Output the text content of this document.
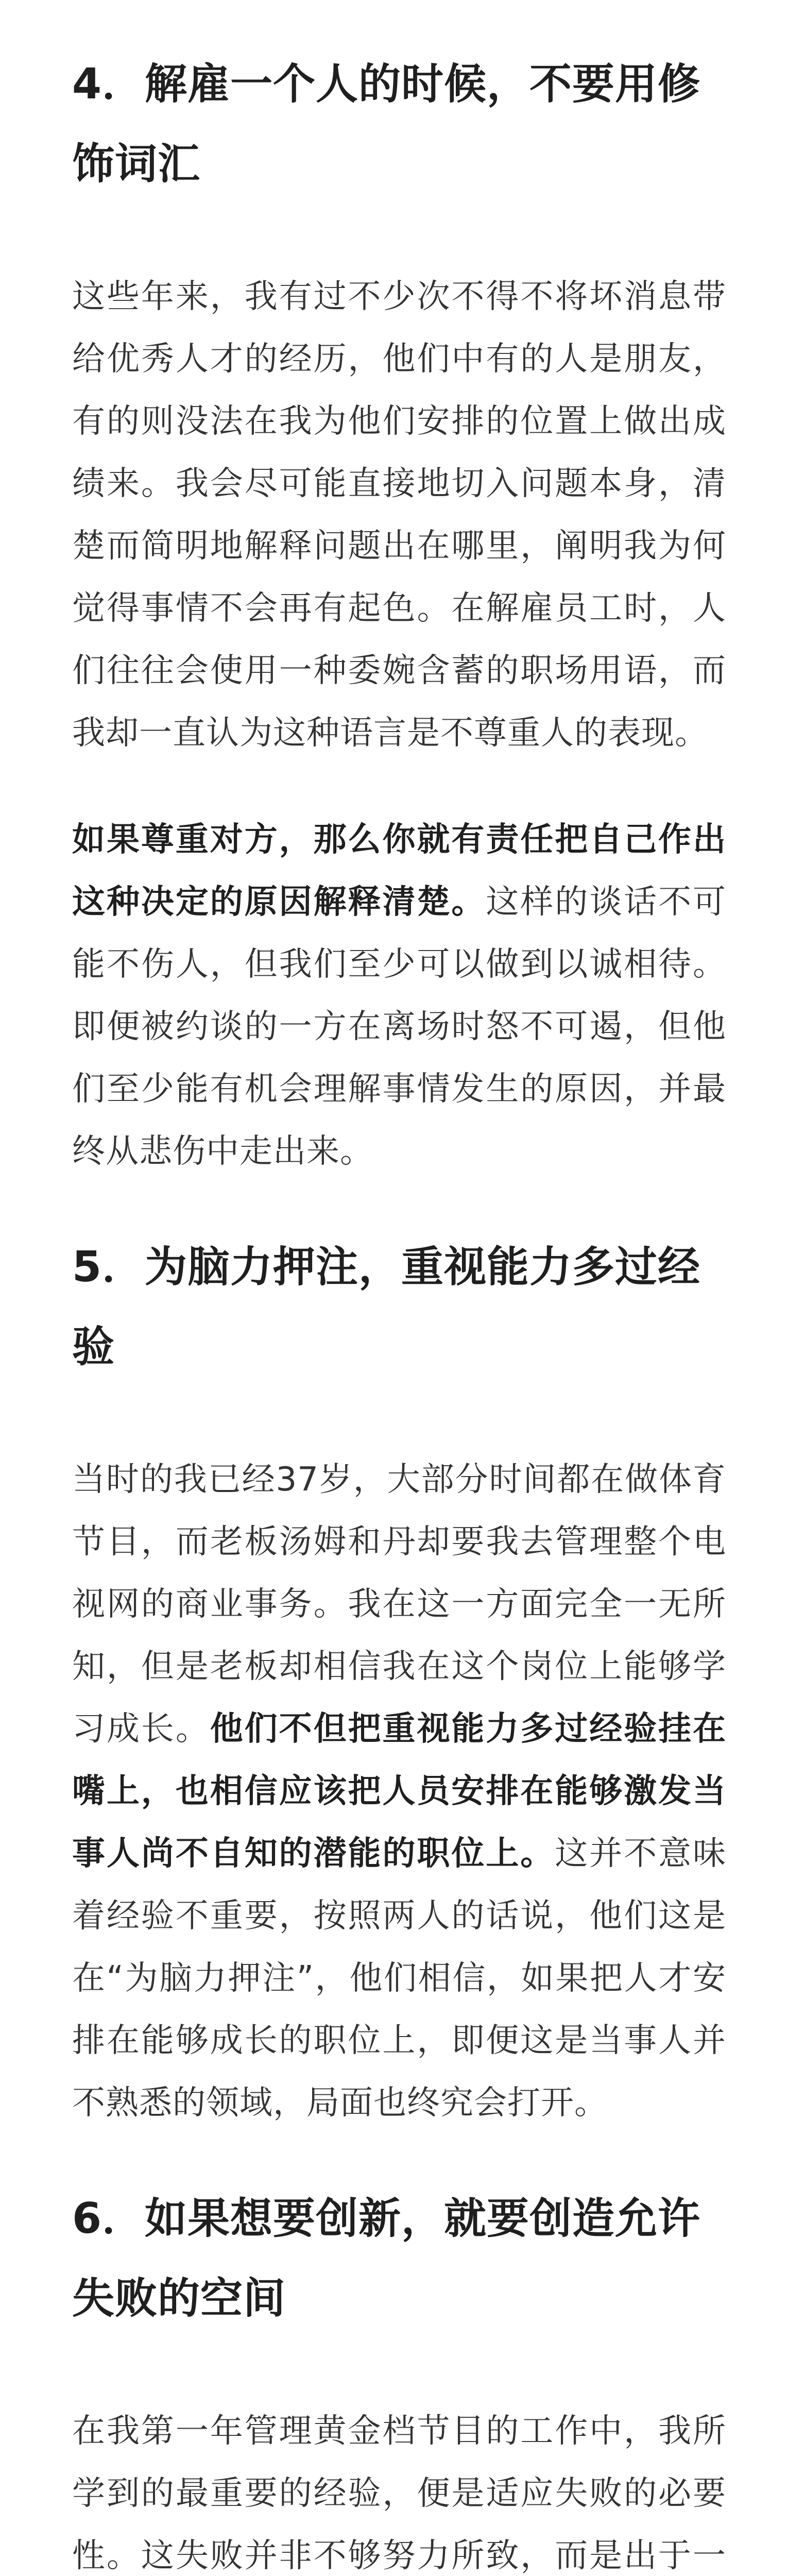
4．解雇一个人的时候，不要用修饰词汇

这些年来，我有过不少次不得不将坏消息带给优秀人才的经历，他们中有的人是朋友，有的则没法在我为他们安排的位置上做出成绩来。我会尽可能直接地切入问题本身，清楚而简明地解释问题出在哪里，阐明我为何觉得事情不会再有起色。在解雇员工时，人们往往会使用一种委婉含蓄的职场用语，而我却一直认为这种语言是不尊重人的表现。

如果尊重对方，那么你就有责任把自己作出这种决定的原因解释清楚。这样的谈话不可能不伤人，但我们至少可以做到以诚相待。即便被约谈的一方在离场时怒不可遏，但他们至少能有机会理解事情发生的原因，并最终从悲伤中走出来。

5．为脑力押注，重视能力多过经验

当时的我已经37岁，大部分时间都在做体育节目，而老板汤姆和丹却要我去管理整个电视网的商业事务。我在这一方面完全一无所知，但是老板却相信我在这个岗位上能够学习成长。他们不但把重视能力多过经验挂在嘴上，也相信应该把人员安排在能够激发当事人尚不自知的潜能的职位上。这并不意味着经验不重要，按照两人的话说，他们这是在“为脑力押注”，他们相信，如果把人才安排在能够成长的职位上，即便这是当事人并不熟悉的领域，局面也终究会打开。

6．如果想要创新，就要创造允许失败的空间

在我第一年管理黄金档节目的工作中，我所学到的最重要的经验，便是适应失败的必要性。这失败并非不够努力所致，而是出于一
